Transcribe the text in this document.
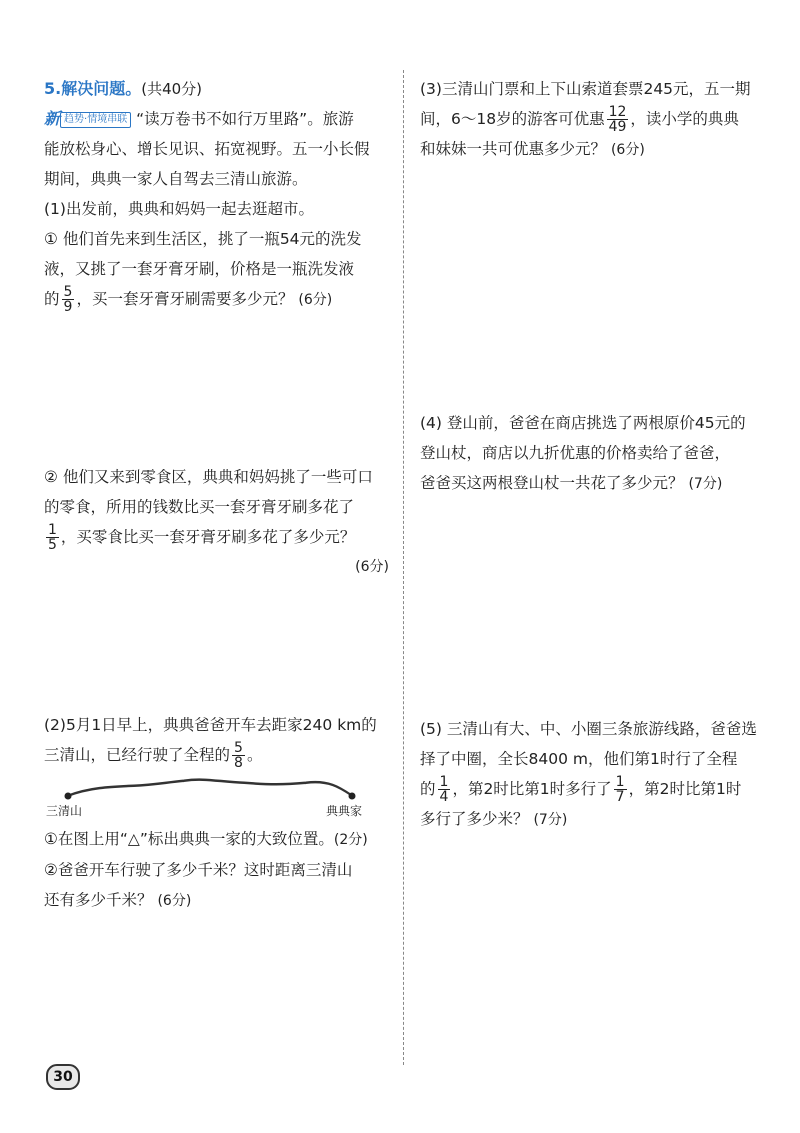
5.解决问题。(共40分)
新 趋势·情境串联 “读万卷书不如行万里路”。旅游
能放松身心、增长见识、拓宽视野。五一小长假
期间，典典一家人自驾去三清山旅游。
(1)出发前，典典和妈妈一起去逛超市。
① 他们首先来到生活区，挑了一瓶54元的洗发
液，又挑了一套牙膏牙刷，价格是一瓶洗发液
的 $\frac{5}{9}$ ，买一套牙膏牙刷需要多少元？ (6分)
② 他们又来到零食区，典典和妈妈挑了一些可口
的零食，所用的钱数比买一套牙膏牙刷多花了
$\frac{1}{5}$ ，买零食比买一套牙膏牙刷多花了多少元？
(6分)
(2)5月1日早上，典典爸爸开车去距家240 km的
三清山，已经行驶了全程的 $\frac{5}{8}$ 。
三清山	典典家
①在图上用“△”标出典典一家的大致位置。(2分)
②爸爸开车行驶了多少千米？这时距离三清山
还有多少千米？ (6分)
(3)三清山门票和上下山索道套票245元，五一期
间，6～18岁的游客可优惠 $\frac{12}{49}$ ，读小学的典典
和妹妹一共可优惠多少元？ (6分)
(4) 登山前，爸爸在商店挑选了两根原价45元的
登山杖，商店以九折优惠的价格卖给了爸爸，
爸爸买这两根登山杖一共花了多少元？ (7分)
(5) 三清山有大、中、小圈三条旅游线路，爸爸选
择了中圈，全长8400 m，他们第1时行了全程
的 $\frac{1}{4}$ ，第2时比第1时多行了 $\frac{1}{7}$ ，第2时比第1时
多行了多少米？ (7分)
30
